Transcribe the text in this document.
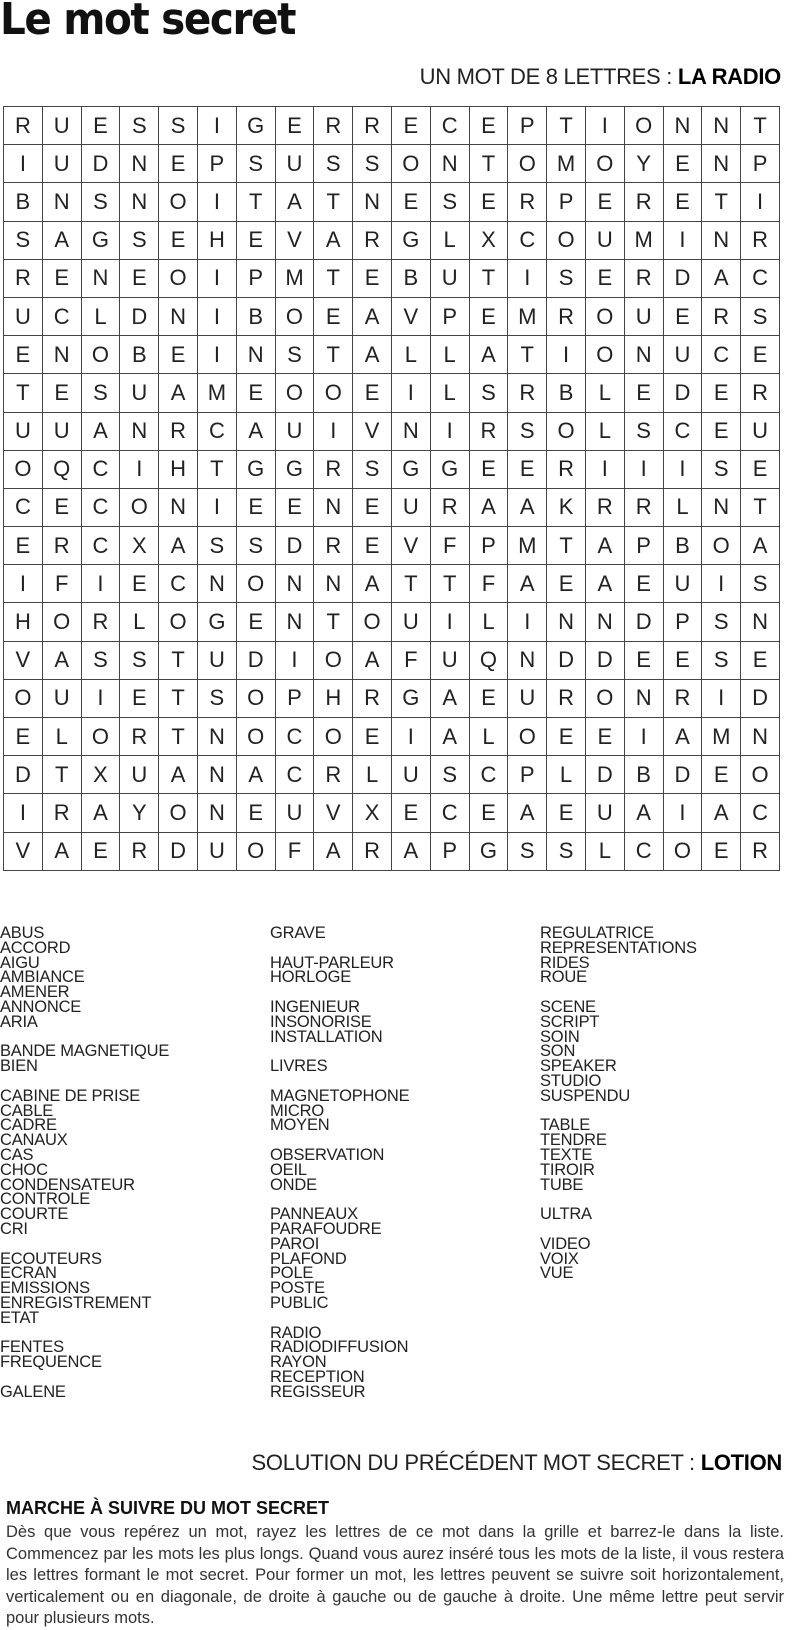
Le mot secret
UN MOT DE 8 LETTRES : LA RADIO
R	U	E	S	S	I	G	E	R	R	E	C	E	P	T	I	O	N	N	T
I	U	D	N	E	P	S	U	S	S	O	N	T	O	M	O	Y	E	N	P
B	N	S	N	O	I	T	A	T	N	E	S	E	R	P	E	R	E	T	I
S	A	G	S	E	H	E	V	A	R	G	L	X	C	O	U	M	I	N	R
R	E	N	E	O	I	P	M	T	E	B	U	T	I	S	E	R	D	A	C
U	C	L	D	N	I	B	O	E	A	V	P	E	M	R	O	U	E	R	S
E	N	O	B	E	I	N	S	T	A	L	L	A	T	I	O	N	U	C	E
T	E	S	U	A	M	E	O	O	E	I	L	S	R	B	L	E	D	E	R
U	U	A	N	R	C	A	U	I	V	N	I	R	S	O	L	S	C	E	U
O	Q	C	I	H	T	G	G	R	S	G	G	E	E	R	I	I	I	S	E
C	E	C	O	N	I	E	E	N	E	U	R	A	A	K	R	R	L	N	T
E	R	C	X	A	S	S	D	R	E	V	F	P	M	T	A	P	B	O	A
I	F	I	E	C	N	O	N	N	A	T	T	F	A	E	A	E	U	I	S
H	O	R	L	O	G	E	N	T	O	U	I	L	I	N	N	D	P	S	N
V	A	S	S	T	U	D	I	O	A	F	U	Q	N	D	D	E	E	S	E
O	U	I	E	T	S	O	P	H	R	G	A	E	U	R	O	N	R	I	D
E	L	O	R	T	N	O	C	O	E	I	A	L	O	E	E	I	A	M	N
D	T	X	U	A	N	A	C	R	L	U	S	C	P	L	D	B	D	E	O
I	R	A	Y	O	N	E	U	V	X	E	C	E	A	E	U	A	I	A	C
V	A	E	R	D	U	O	F	A	R	A	P	G	S	S	L	C	O	E	R
ABUS
ACCORD
AIGU
AMBIANCE
AMENER
ANNONCE
ARIA
BANDE MAGNETIQUE
BIEN
CABINE DE PRISE
CABLE
CADRE
CANAUX
CAS
CHOC
CONDENSATEUR
CONTROLE
COURTE
CRI
ECOUTEURS
ECRAN
EMISSIONS
ENREGISTREMENT
ETAT
FENTES
FREQUENCE
GALENE
GRAVE
HAUT-PARLEUR
HORLOGE
INGENIEUR
INSONORISE
INSTALLATION
LIVRES
MAGNETOPHONE
MICRO
MOYEN
OBSERVATION
OEIL
ONDE
PANNEAUX
PARAFOUDRE
PAROI
PLAFOND
POLE
POSTE
PUBLIC
RADIO
RADIODIFFUSION
RAYON
RECEPTION
REGISSEUR
REGULATRICE
REPRESENTATIONS
RIDES
ROUE
SCENE
SCRIPT
SOIN
SON
SPEAKER
STUDIO
SUSPENDU
TABLE
TENDRE
TEXTE
TIROIR
TUBE
ULTRA
VIDEO
VOIX
VUE
SOLUTION DU PRÉCÉDENT MOT SECRET : LOTION
MARCHE À SUIVRE DU MOT SECRET

Dès que vous repérez un mot, rayez les lettres de ce mot dans la grille et barrez-le dans la liste. Commencez par les mots les plus longs. Quand vous aurez inséré tous les mots de la liste, il vous restera les lettres formant le mot secret. Pour former un mot, les lettres peuvent se suivre soit horizontalement, verticalement ou en diagonale, de droite à gauche ou de gauche à droite. Une même lettre peut servir pour plusieurs mots.
